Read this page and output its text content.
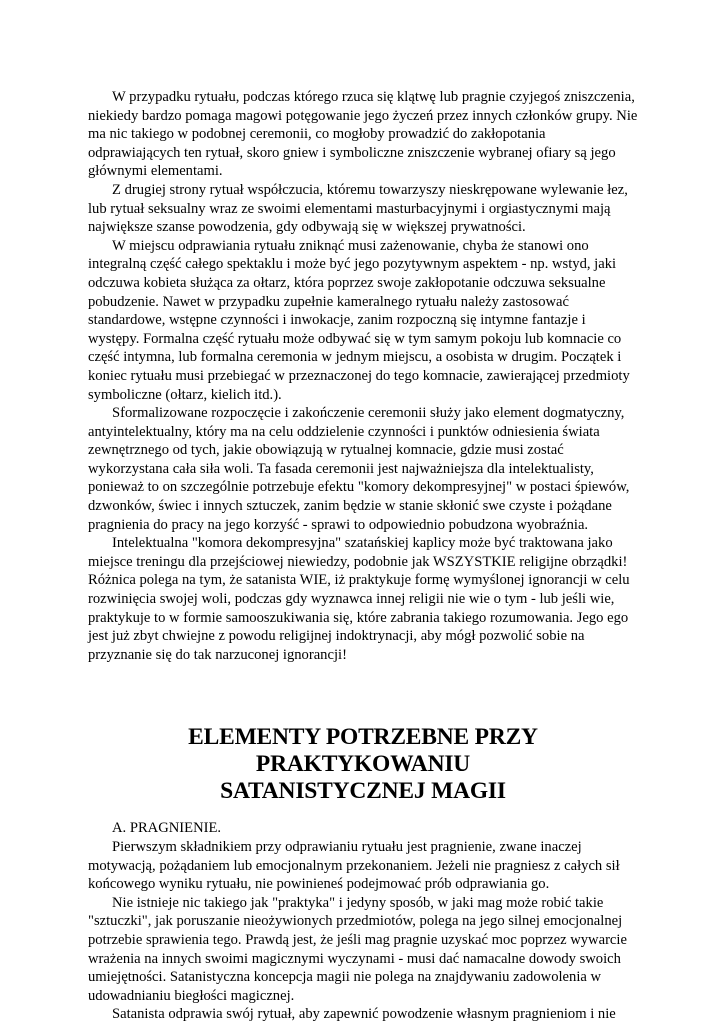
W przypadku rytuału, podczas którego rzuca się klątwę lub pragnie czyjegoś zniszczenia, niekiedy bardzo pomaga magowi potęgowanie jego życzeń przez innych członków grupy. Nie ma nic takiego w podobnej ceremonii, co mogłoby prowadzić do zakłopotania odprawiających ten rytuał, skoro gniew i symboliczne zniszczenie wybranej ofiary są jego głównymi elementami.

Z drugiej strony rytuał współczucia, któremu towarzyszy nieskrępowane wylewanie łez, lub rytuał seksualny wraz ze swoimi elementami masturbacyjnymi i orgiastycznymi mają największe szanse powodzenia, gdy odbywają się w większej prywatności.

W miejscu odprawiania rytuału zniknąć musi zażenowanie, chyba że stanowi ono integralną część całego spektaklu i może być jego pozytywnym aspektem - np. wstyd, jaki odczuwa kobieta służąca za ołtarz, która poprzez swoje zakłopotanie odczuwa seksualne pobudzenie. Nawet w przypadku zupełnie kameralnego rytuału należy zastosować standardowe, wstępne czynności i inwokacje, zanim rozpoczną się intymne fantazje i występy. Formalna część rytuału może odbywać się w tym samym pokoju lub komnacie co część intymna, lub formalna ceremonia w jednym miejscu, a osobista w drugim. Początek i koniec rytuału musi przebiegać w przeznaczonej do tego komnacie, zawierającej przedmioty symboliczne (ołtarz, kielich itd.).

Sformalizowane rozpoczęcie i zakończenie ceremonii służy jako element dogmatyczny, antyintelektualny, który ma na celu oddzielenie czynności i punktów odniesienia świata zewnętrznego od tych, jakie obowiązują w rytualnej komnacie, gdzie musi zostać wykorzystana cała siła woli. Ta fasada ceremonii jest najważniejsza dla intelektualisty, ponieważ to on szczególnie potrzebuje efektu "komory dekompresyjnej" w postaci śpiewów, dzwonków, świec i innych sztuczek, zanim będzie w stanie skłonić swe czyste i pożądane pragnienia do pracy na jego korzyść - sprawi to odpowiednio pobudzona wyobraźnia.

Intelektualna "komora dekompresyjna" szatańskiej kaplicy może być traktowana jako miejsce treningu dla przejściowej niewiedzy, podobnie jak WSZYSTKIE religijne obrządki! Różnica polega na tym, że satanista WIE, iż praktykuje formę wymyślonej ignorancji w celu rozwinięcia swojej woli, podczas gdy wyznawca innej religii nie wie o tym - lub jeśli wie, praktykuje to w formie samooszukiwania się, które zabrania takiego rozumowania. Jego ego jest już zbyt chwiejne z powodu religijnej indoktrynacji, aby mógł pozwolić sobie na przyznanie się do tak narzuconej ignorancji!

ELEMENTY POTRZEBNE PRZY PRAKTYKOWANIU
SATANISTYCZNEJ MAGII

A. PRAGNIENIE.

Pierwszym składnikiem przy odprawianiu rytuału jest pragnienie, zwane inaczej motywacją, pożądaniem lub emocjonalnym przekonaniem. Jeżeli nie pragniesz z całych sił końcowego wyniku rytuału, nie powinieneś podejmować prób odprawiania go.

Nie istnieje nic takiego jak "praktyka" i jedyny sposób, w jaki mag może robić takie "sztuczki", jak poruszanie nieożywionych przedmiotów, polega na jego silnej emocjonalnej potrzebie sprawienia tego. Prawdą jest, że jeśli mag pragnie uzyskać moc poprzez wywarcie wrażenia na innych swoimi magicznymi wyczynami - musi dać namacalne dowody swoich umiejętności. Satanistyczna koncepcja magii nie polega na znajdywaniu zadowolenia w udowadnianiu biegłości magicznej.

Satanista odprawia swój rytuał, aby zapewnić powodzenie własnym pragnieniom i nie
